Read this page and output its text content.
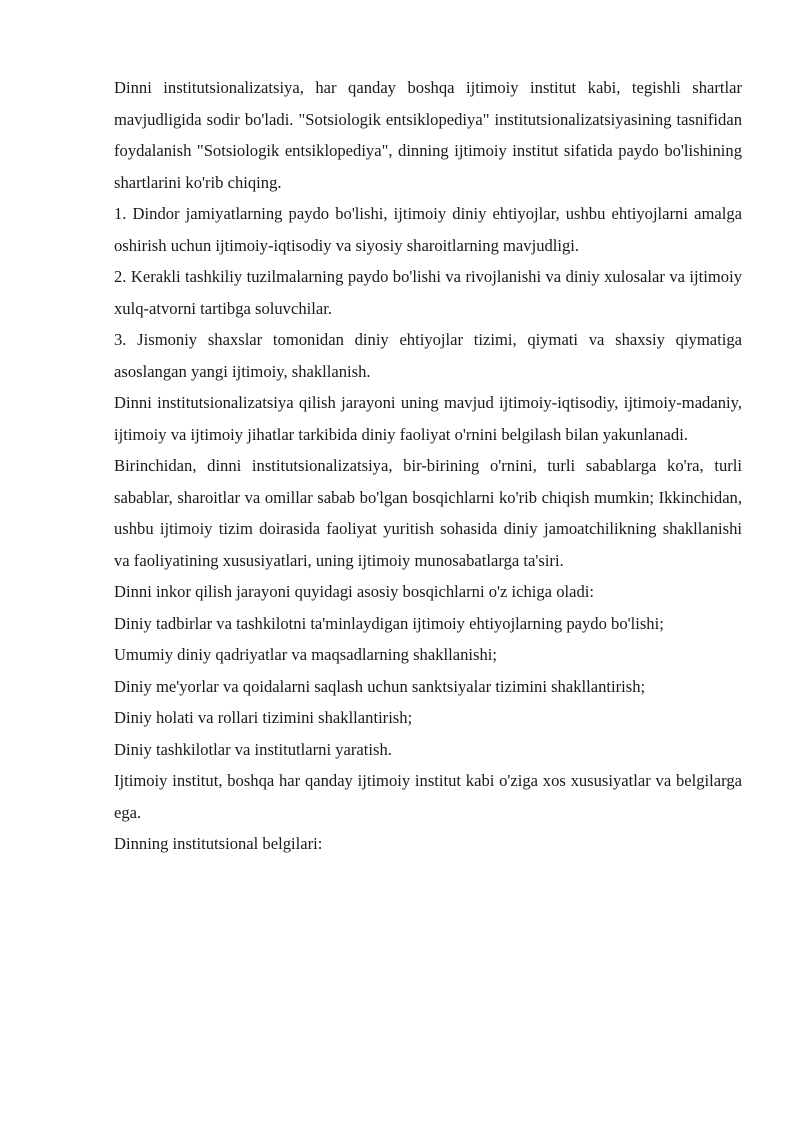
Dinni institutsionalizatsiya, har qanday boshqa ijtimoiy institut kabi, tegishli shartlar mavjudligida sodir bo'ladi. "Sotsiologik entsiklopediya" institutsionalizatsiyasining tasnifidan foydalanish "Sotsiologik entsiklopediya", dinning ijtimoiy institut sifatida paydo bo'lishining shartlarini ko'rib chiqing.

1. Dindor jamiyatlarning paydo bo'lishi, ijtimoiy diniy ehtiyojlar, ushbu ehtiyojlarni amalga oshirish uchun ijtimoiy-iqtisodiy va siyosiy sharoitlarning mavjudligi.

2. Kerakli tashkiliy tuzilmalarning paydo bo'lishi va rivojlanishi va diniy xulosalar va ijtimoiy xulq-atvorni tartibga soluvchilar.

3. Jismoniy shaxslar tomonidan diniy ehtiyojlar tizimi, qiymati va shaxsiy qiymatiga asoslangan yangi ijtimoiy, shakllanish.

Dinni institutsionalizatsiya qilish jarayoni uning mavjud ijtimoiy-iqtisodiy, ijtimoiy-madaniy, ijtimoiy va ijtimoiy jihatlar tarkibida diniy faoliyat o'rnini belgilash bilan yakunlanadi.

Birinchidan, dinni institutsionalizatsiya, bir-birining o'rnini, turli sabablarga ko'ra, turli sabablar, sharoitlar va omillar sabab bo'lgan bosqichlarni ko'rib chiqish mumkin; Ikkinchidan, ushbu ijtimoiy tizim doirasida faoliyat yuritish sohasida diniy jamoatchilikning shakllanishi va faoliyatining xususiyatlari, uning ijtimoiy munosabatlarga ta'siri.

Dinni inkor qilish jarayoni quyidagi asosiy bosqichlarni o'z ichiga oladi:

Diniy tadbirlar va tashkilotni ta'minlaydigan ijtimoiy ehtiyojlarning paydo bo'lishi;

Umumiy diniy qadriyatlar va maqsadlarning shakllanishi;

Diniy me'yorlar va qoidalarni saqlash uchun sanktsiyalar tizimini shakllantirish;

Diniy holati va rollari tizimini shakllantirish;

Diniy tashkilotlar va institutlarni yaratish.

Ijtimoiy institut, boshqa har qanday ijtimoiy institut kabi o'ziga xos xususiyatlar va belgilarga ega.

Dinning institutsional belgilari:
